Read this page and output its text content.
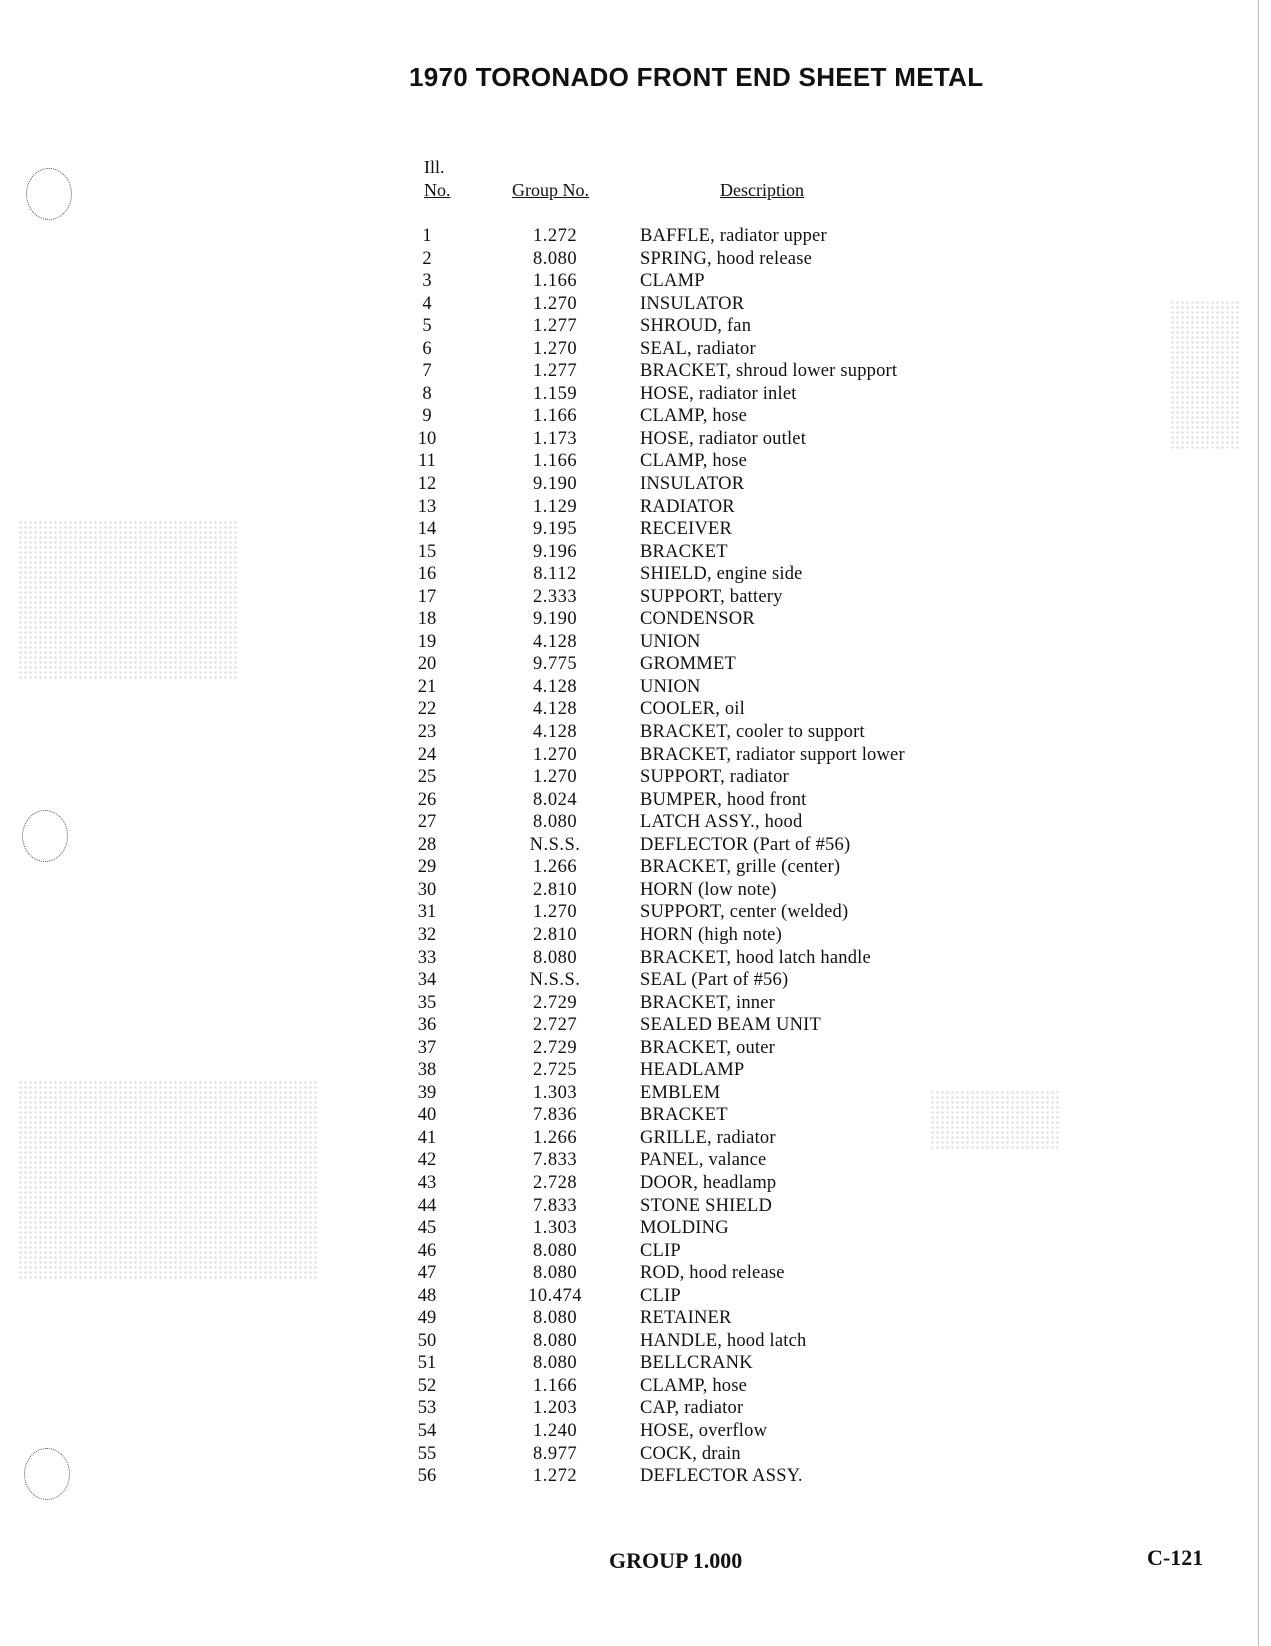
1970 TORONADO FRONT END SHEET METAL
Ill.
No.	Group No.	Description
1	1.272	BAFFLE, radiator upper
2	8.080	SPRING, hood release
3	1.166	CLAMP
4	1.270	INSULATOR
5	1.277	SHROUD, fan
6	1.270	SEAL, radiator
7	1.277	BRACKET, shroud lower support
8	1.159	HOSE, radiator inlet
9	1.166	CLAMP, hose
10	1.173	HOSE, radiator outlet
11	1.166	CLAMP, hose
12	9.190	INSULATOR
13	1.129	RADIATOR
14	9.195	RECEIVER
15	9.196	BRACKET
16	8.112	SHIELD, engine side
17	2.333	SUPPORT, battery
18	9.190	CONDENSOR
19	4.128	UNION
20	9.775	GROMMET
21	4.128	UNION
22	4.128	COOLER, oil
23	4.128	BRACKET, cooler to support
24	1.270	BRACKET, radiator support lower
25	1.270	SUPPORT, radiator
26	8.024	BUMPER, hood front
27	8.080	LATCH ASSY., hood
28	N.S.S.	DEFLECTOR (Part of #56)
29	1.266	BRACKET, grille (center)
30	2.810	HORN (low note)
31	1.270	SUPPORT, center (welded)
32	2.810	HORN (high note)
33	8.080	BRACKET, hood latch handle
34	N.S.S.	SEAL (Part of #56)
35	2.729	BRACKET, inner
36	2.727	SEALED BEAM UNIT
37	2.729	BRACKET, outer
38	2.725	HEADLAMP
39	1.303	EMBLEM
40	7.836	BRACKET
41	1.266	GRILLE, radiator
42	7.833	PANEL, valance
43	2.728	DOOR, headlamp
44	7.833	STONE SHIELD
45	1.303	MOLDING
46	8.080	CLIP
47	8.080	ROD, hood release
48	10.474	CLIP
49	8.080	RETAINER
50	8.080	HANDLE, hood latch
51	8.080	BELLCRANK
52	1.166	CLAMP, hose
53	1.203	CAP, radiator
54	1.240	HOSE, overflow
55	8.977	COCK, drain
56	1.272	DEFLECTOR ASSY.
GROUP 1.000	C-121
